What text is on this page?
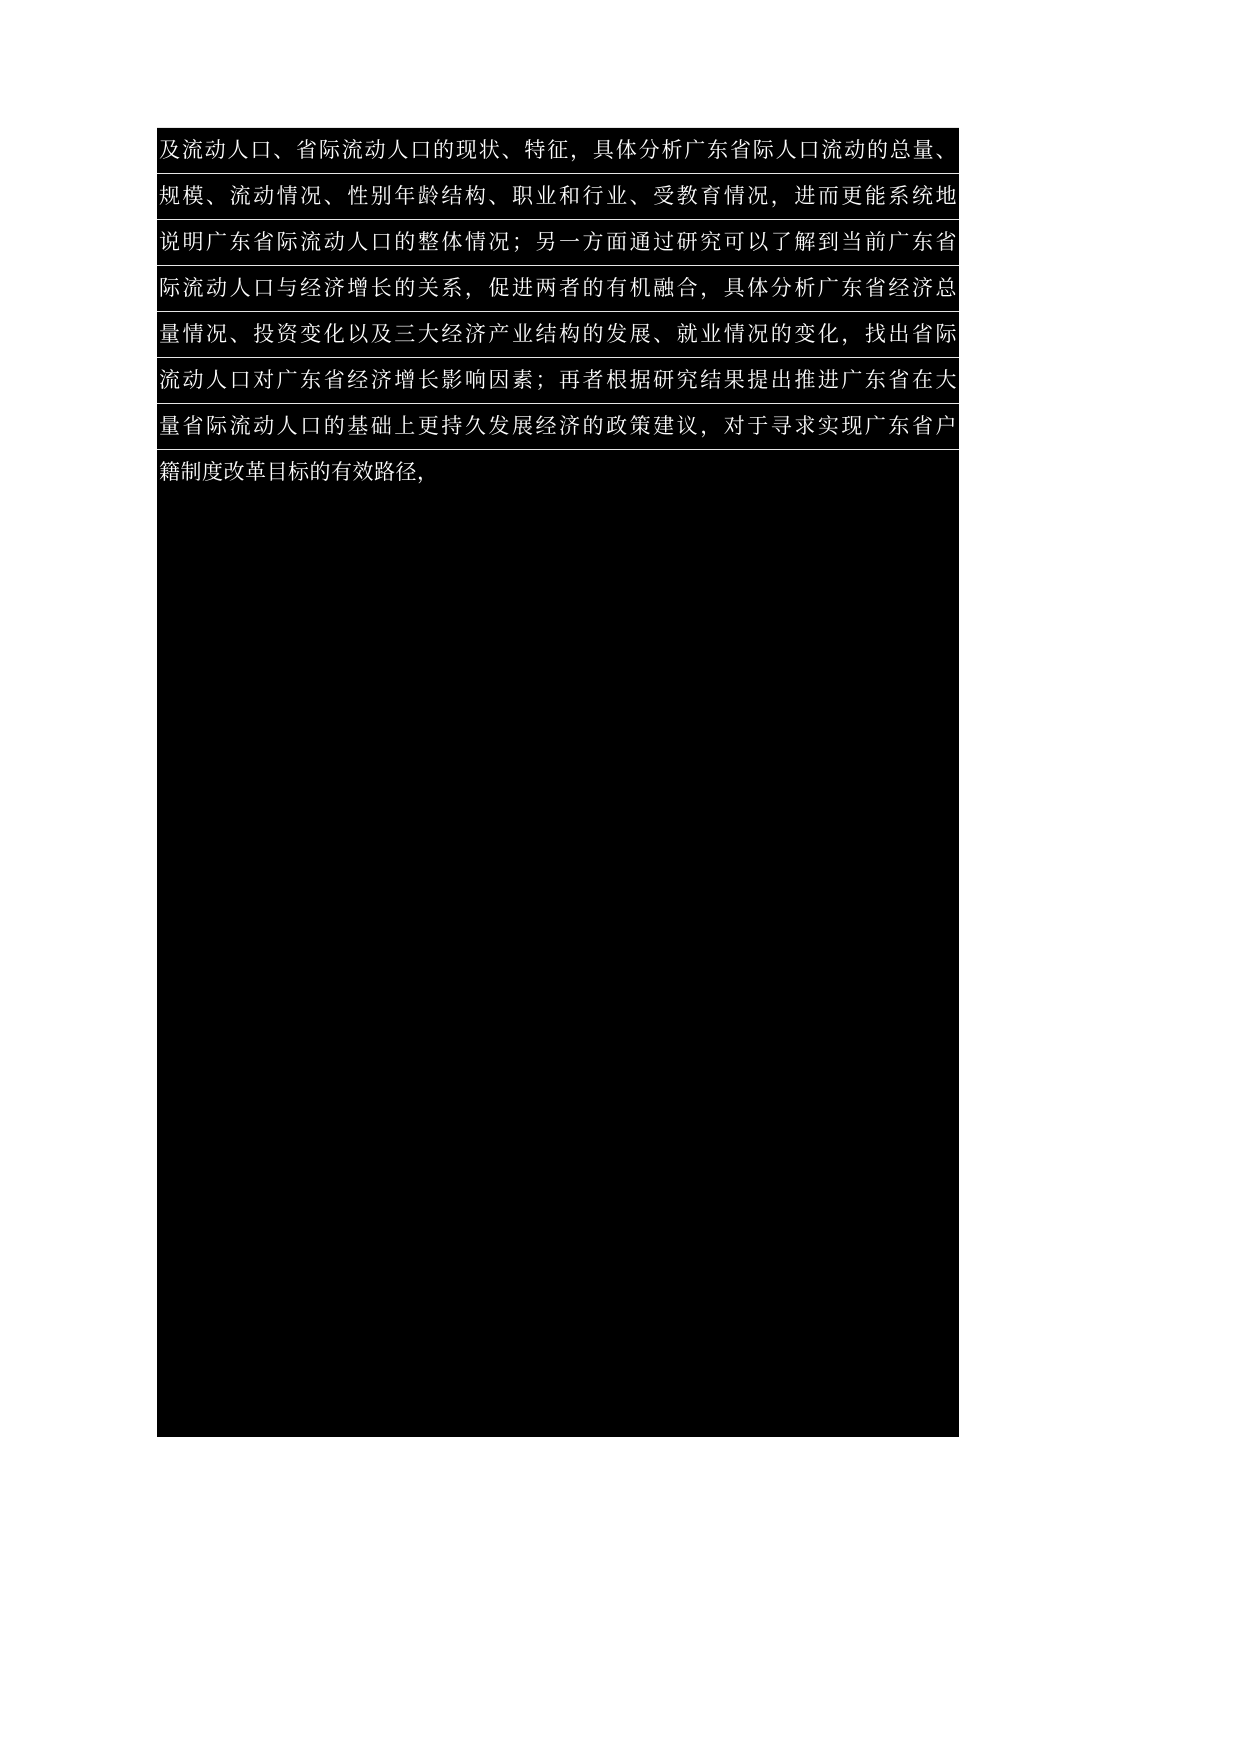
及流动人口、省际流动人口的现状、特征，具体分析广东省际人口流动的总量、
规模、流动情况、性别年龄结构、职业和行业、受教育情况，进而更能系统地
说明广东省际流动人口的整体情况；另一方面通过研究可以了解到当前广东省
际流动人口与经济增长的关系，促进两者的有机融合，具体分析广东省经济总
量情况、投资变化以及三大经济产业结构的发展、就业情况的变化，找出省际
流动人口对广东省经济增长影响因素；再者根据研究结果提出推进广东省在大
量省际流动人口的基础上更持久发展经济的政策建议，对于寻求实现广东省户
籍制度改革目标的有效路径，
